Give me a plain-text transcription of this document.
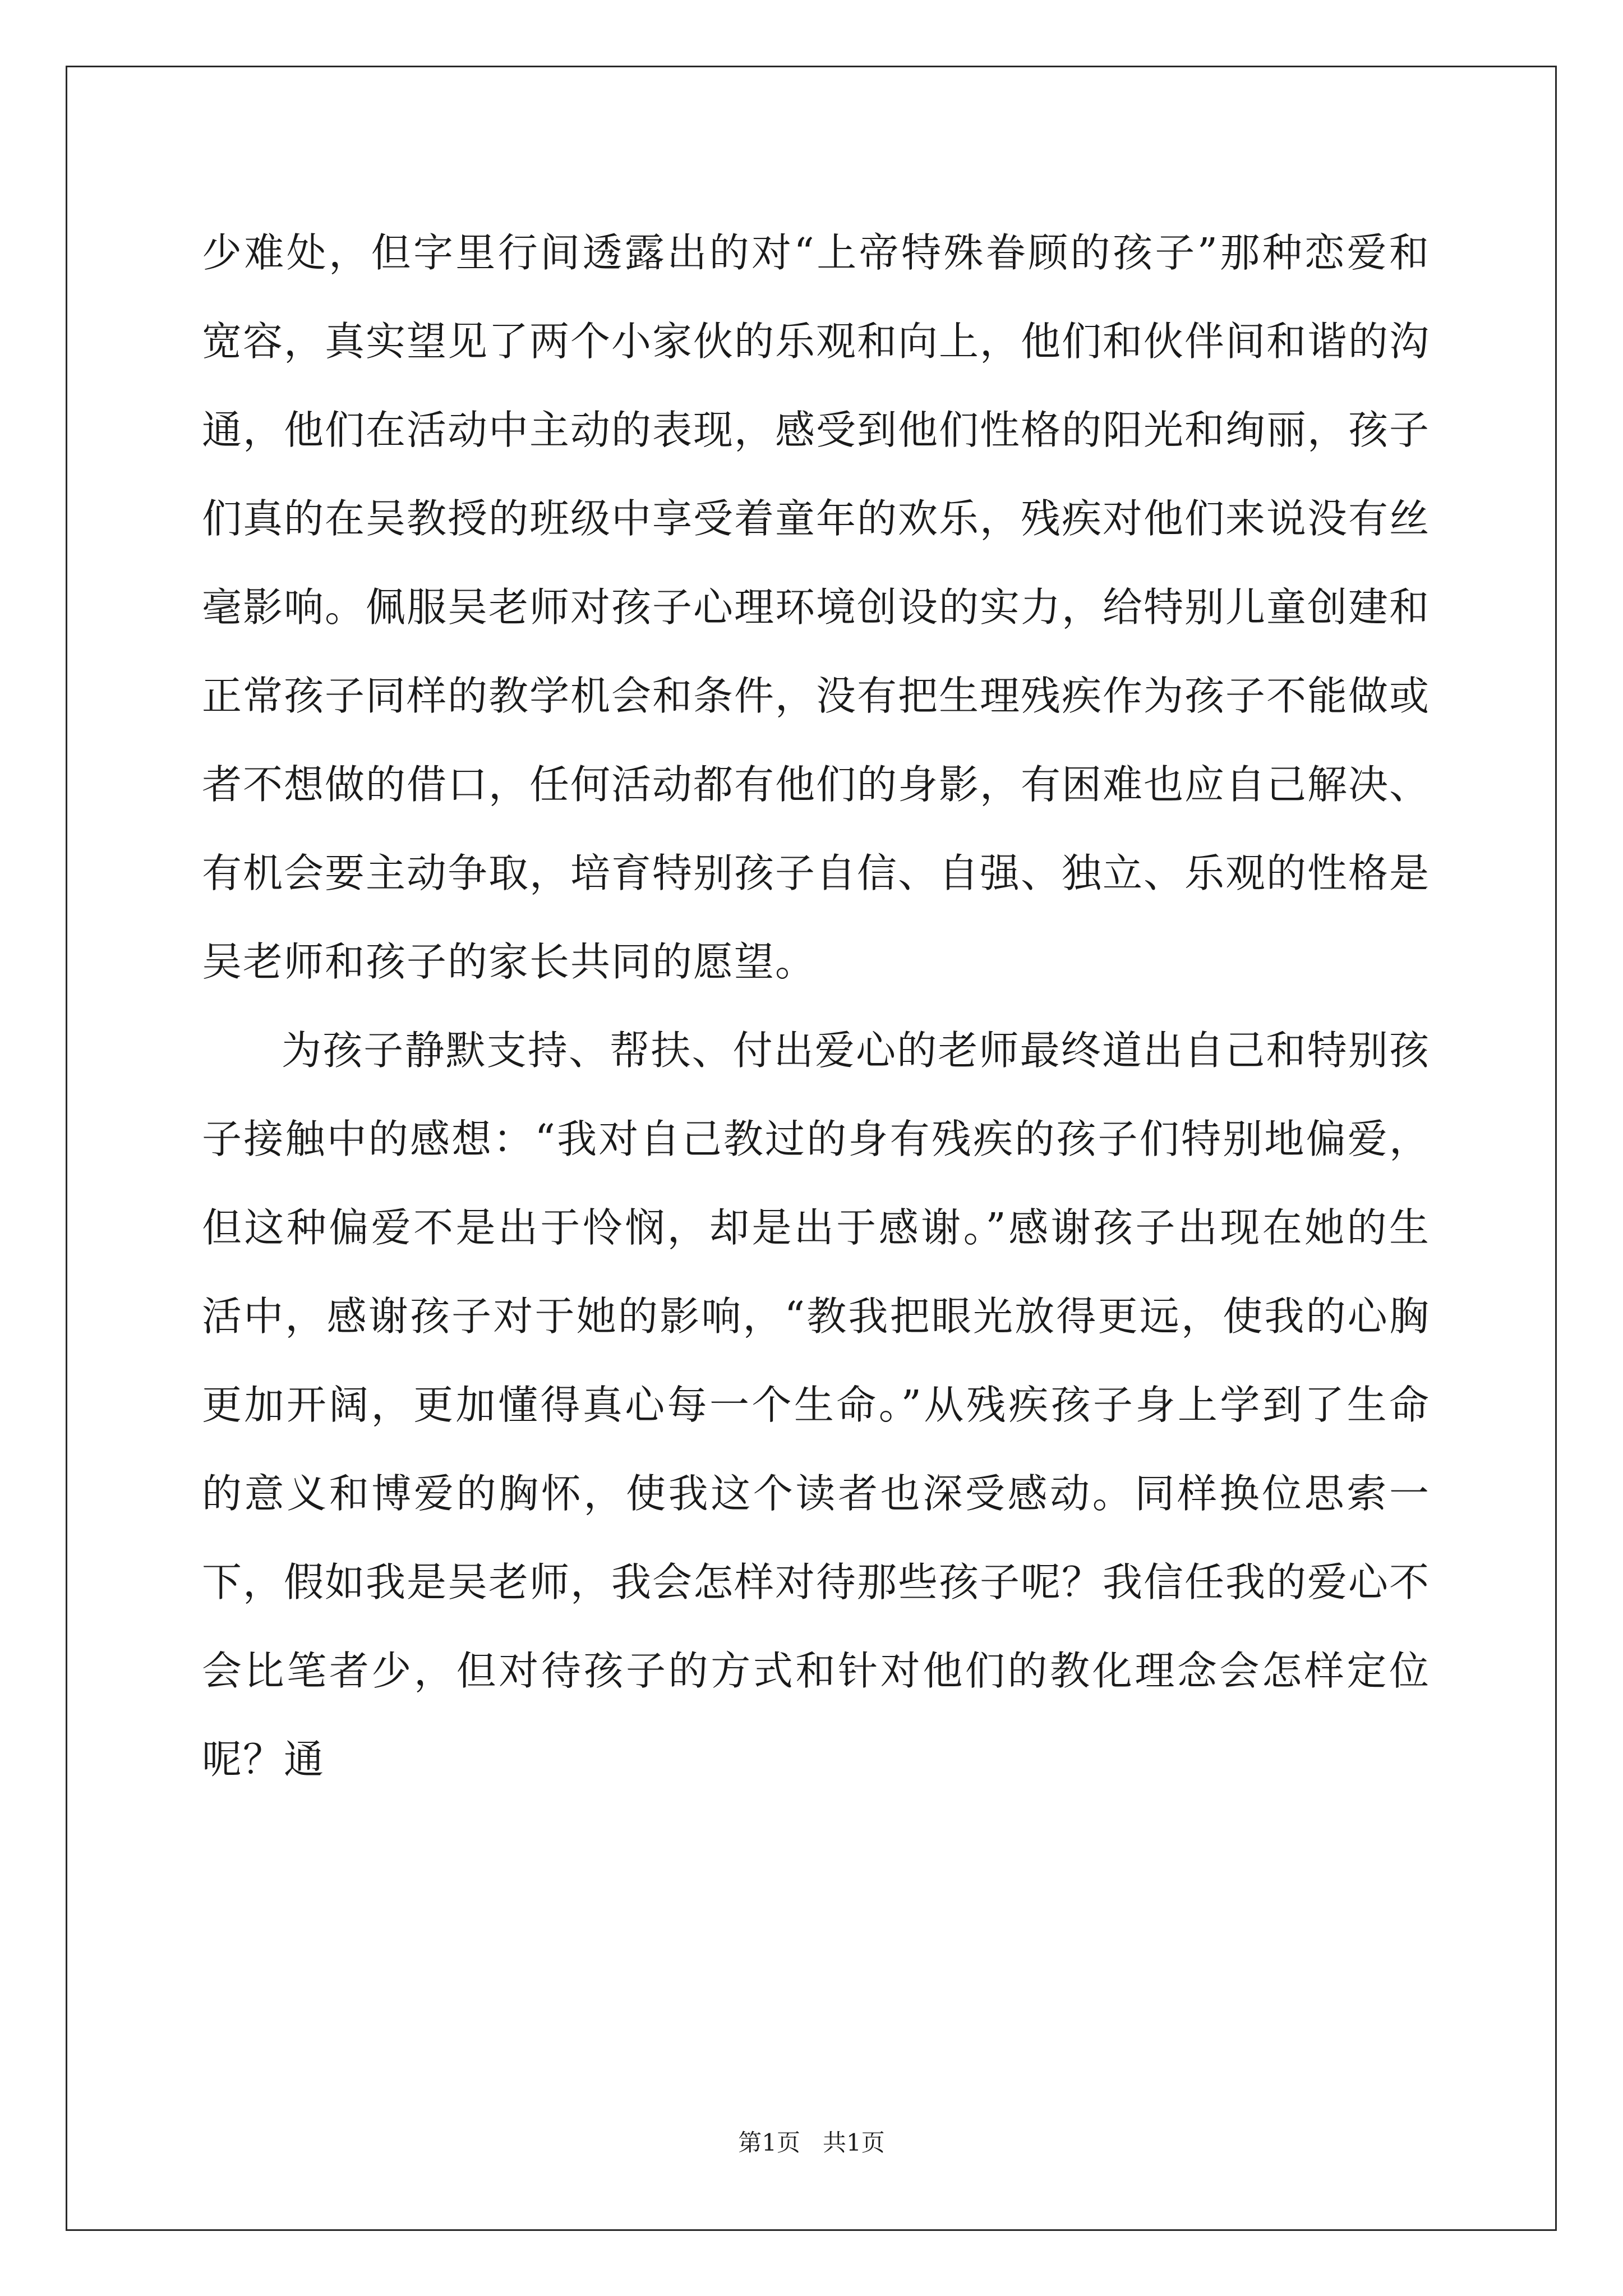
少难处，但字里行间透露出的对“上帝特殊眷顾的孩子”那种恋爱和宽容，真实望见了两个小家伙的乐观和向上，他们和伙伴间和谐的沟通，他们在活动中主动的表现，感受到他们性格的阳光和绚丽，孩子们真的在吴教授的班级中享受着童年的欢乐，残疾对他们来说没有丝毫影响。佩服吴老师对孩子心理环境创设的实力，给特别儿童创建和正常孩子同样的教学机会和条件，没有把生理残疾作为孩子不能做或者不想做的借口，任何活动都有他们的身影，有困难也应自己解决、有机会要主动争取，培育特别孩子自信、自强、独立、乐观的性格是吴老师和孩子的家长共同的愿望。

为孩子静默支持、帮扶、付出爱心的老师最终道出自己和特别孩子接触中的感想：“我对自己教过的身有残疾的孩子们特别地偏爱，但这种偏爱不是出于怜悯，却是出于感谢。”感谢孩子出现在她的生活中，感谢孩子对于她的影响，“教我把眼光放得更远，使我的心胸更加开阔，更加懂得真心每一个生命。”从残疾孩子身上学到了生命的意义和博爱的胸怀，使我这个读者也深受感动。同样换位思索一下，假如我是吴老师，我会怎样对待那些孩子呢？我信任我的爱心不会比笔者少，但对待孩子的方式和针对他们的教化理念会怎样定位呢？通

第1页   共1页
